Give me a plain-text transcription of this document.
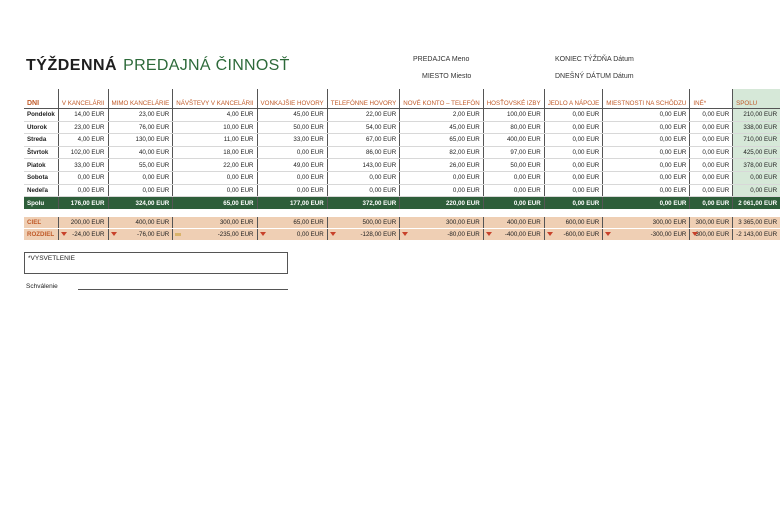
TÝŽDENNÁ PREDAJNÁ ČINNOSŤ	PREDAJCA Meno	KONIEC TÝŽDŇA Dátum
MIESTO Miesto	DNEŠNÝ DÁTUM Dátum
DNI	V KANCELÁRII	MIMO KANCELÁRIE	NÁVŠTEVY V KANCELÁRII	VONKAJŠIE HOVORY	TELEFÓNNE HOVORY	NOVÉ KONTO – TELEFÓN	HOSŤOVSKÉ IZBY	JEDLO A NÁPOJE	MIESTNOSTI NA SCHÔDZU	INÉ*	SPOLU
Pondelok	14,00 EUR	23,00 EUR	4,00 EUR	45,00 EUR	22,00 EUR	2,00 EUR	100,00 EUR	0,00 EUR	0,00 EUR	0,00 EUR	210,00 EUR
Utorok	23,00 EUR	76,00 EUR	10,00 EUR	50,00 EUR	54,00 EUR	45,00 EUR	80,00 EUR	0,00 EUR	0,00 EUR	0,00 EUR	338,00 EUR
Streda	4,00 EUR	130,00 EUR	11,00 EUR	33,00 EUR	67,00 EUR	65,00 EUR	400,00 EUR	0,00 EUR	0,00 EUR	0,00 EUR	710,00 EUR
Štvrtok	102,00 EUR	40,00 EUR	18,00 EUR	0,00 EUR	86,00 EUR	82,00 EUR	97,00 EUR	0,00 EUR	0,00 EUR	0,00 EUR	425,00 EUR
Piatok	33,00 EUR	55,00 EUR	22,00 EUR	49,00 EUR	143,00 EUR	26,00 EUR	50,00 EUR	0,00 EUR	0,00 EUR	0,00 EUR	378,00 EUR
Sobota	0,00 EUR	0,00 EUR	0,00 EUR	0,00 EUR	0,00 EUR	0,00 EUR	0,00 EUR	0,00 EUR	0,00 EUR	0,00 EUR	0,00 EUR
Nedeľa	0,00 EUR	0,00 EUR	0,00 EUR	0,00 EUR	0,00 EUR	0,00 EUR	0,00 EUR	0,00 EUR	0,00 EUR	0,00 EUR	0,00 EUR
Spolu	176,00 EUR	324,00 EUR	65,00 EUR	177,00 EUR	372,00 EUR	220,00 EUR	0,00 EUR	0,00 EUR	0,00 EUR	0,00 EUR	2 061,00 EUR

CIEĽ	200,00 EUR	400,00 EUR	300,00 EUR	65,00 EUR	500,00 EUR	300,00 EUR	400,00 EUR	600,00 EUR	300,00 EUR	300,00 EUR	3 365,00 EUR
ROZDIEL	-24,00 EUR	-76,00 EUR	-235,00 EUR	0,00 EUR	-128,00 EUR	-80,00 EUR	-400,00 EUR	-600,00 EUR	-300,00 EUR	-300,00 EUR	-2 143,00 EUR
*VYSVETLENIE
Schválenie
